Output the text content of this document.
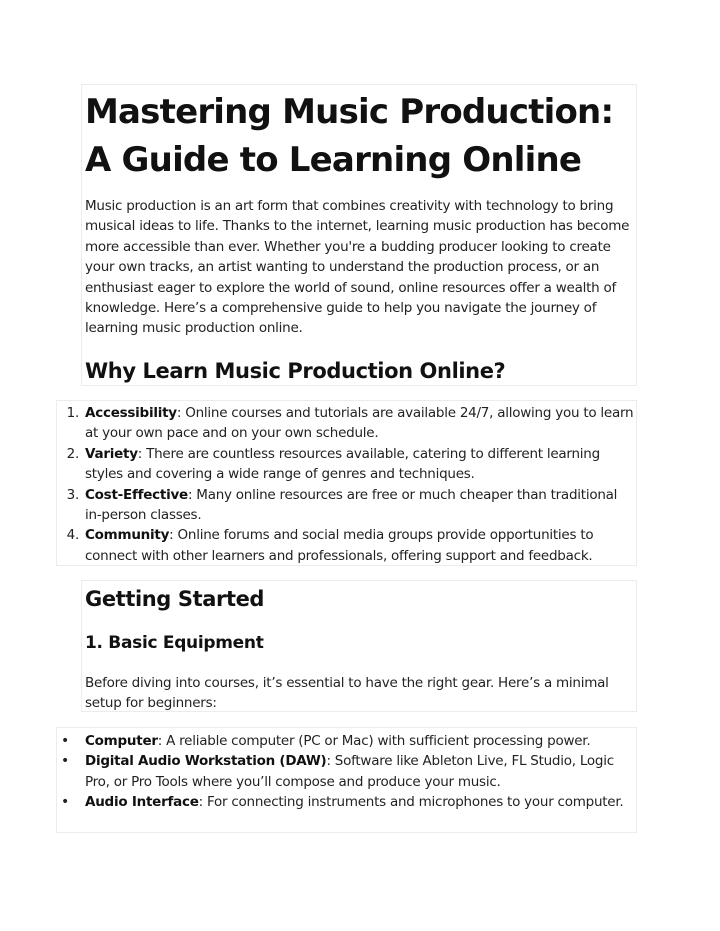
Mastering Music Production: A Guide to Learning Online

Music production is an art form that combines creativity with technology to bring musical ideas to life. Thanks to the internet, learning music production has become more accessible than ever. Whether you're a budding producer looking to create your own tracks, an artist wanting to understand the production process, or an enthusiast eager to explore the world of sound, online resources offer a wealth of knowledge. Here’s a comprehensive guide to help you navigate the journey of learning music production online.

Why Learn Music Production Online?
1. Accessibility: Online courses and tutorials are available 24/7, allowing you to learn at your own pace and on your own schedule.
2. Variety: There are countless resources available, catering to different learning styles and covering a wide range of genres and techniques.
3. Cost-Effective: Many online resources are free or much cheaper than traditional in-person classes.
4. Community: Online forums and social media groups provide opportunities to connect with other learners and professionals, offering support and feedback.
Getting Started
1. Basic Equipment

Before diving into courses, it’s essential to have the right gear. Here’s a minimal setup for beginners:

• Computer: A reliable computer (PC or Mac) with sufficient processing power.
• Digital Audio Workstation (DAW): Software like Ableton Live, FL Studio, Logic Pro, or Pro Tools where you’ll compose and produce your music.
• Audio Interface: For connecting instruments and microphones to your computer.
